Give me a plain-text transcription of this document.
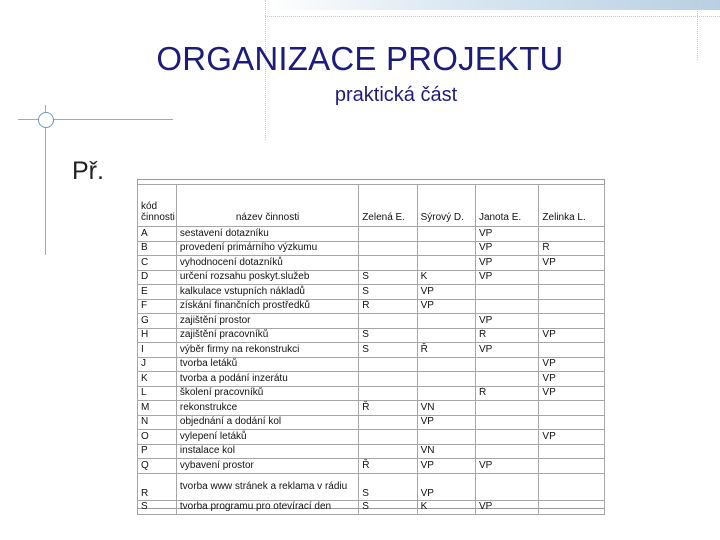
ORGANIZACE PROJEKTU
praktická část
Př.
kód činnosti	název činnosti	Zelená E.	Sýrový D.	Janota E.	Zelinka L.
A	sestavení dotazníku			VP	
B	provedení primárního výzkumu			VP	Ř
C	vyhodnocení dotazníků			VP	VP
D	určení rozsahu poskyt.služeb	S	K	VP	
E	kalkulace vstupních nákladů	S	VP		
F	získání finančních prostředků	Ř	VP		
G	zajištění prostor			VP	
H	zajištění pracovníků	S		Ř	VP
I	výběr firmy na rekonstrukci	S	Ř	VP	
J	tvorba letáků				VP
K	tvorba a podání inzerátu				VP
L	školení pracovníků			Ř	VP
M	rekonstrukce	Ř	VN		
N	objednání a dodání kol		VP		
O	vylepení letáků				VP
P	instalace kol		VN		
Q	vybavení prostor	Ř	VP	VP	
R	tvorba www stránek a reklama v rádiu	S	VP		
S	tvorba programu pro otevírací den	S	K	VP	
